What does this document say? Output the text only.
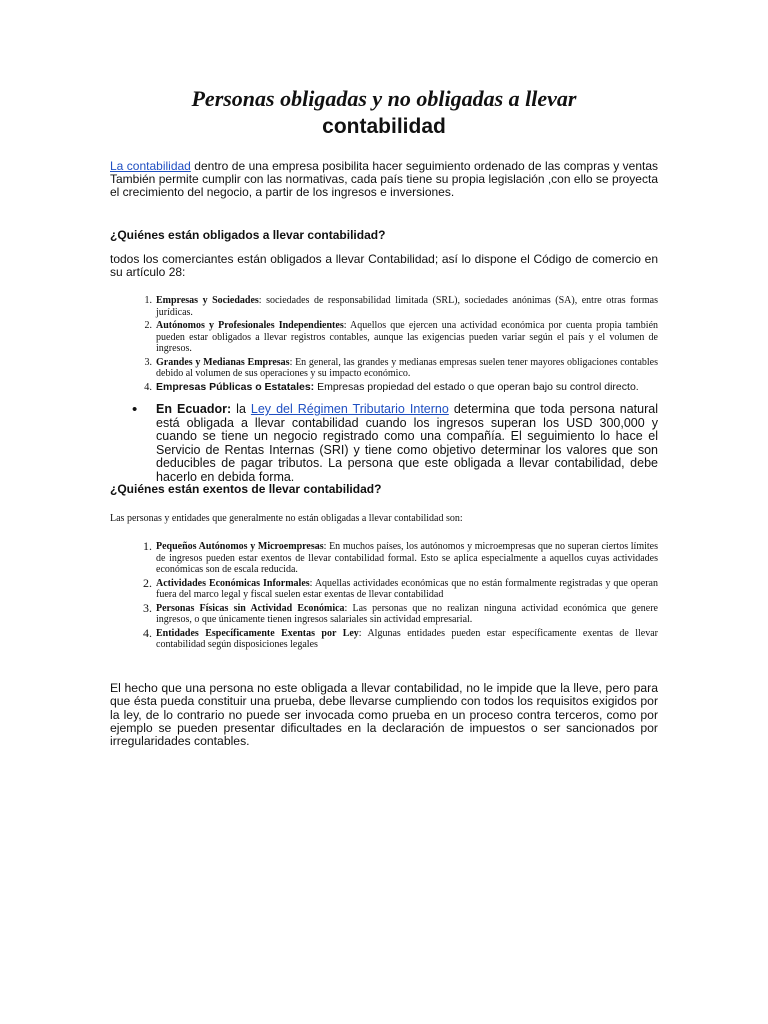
Personas obligadas y no obligadas a llevar
contabilidad
La contabilidad dentro de una empresa posibilita hacer seguimiento ordenado de las compras y ventas También permite cumplir con las normativas, cada país tiene su propia legislación ,con ello se proyecta el crecimiento del negocio, a partir de los ingresos e inversiones.
¿Quiénes están obligados a llevar contabilidad?
todos los comerciantes están obligados a llevar Contabilidad; así lo dispone el Código de comercio en su artículo 28:
1. Empresas y Sociedades: sociedades de responsabilidad limitada (SRL), sociedades anónimas (SA), entre otras formas jurídicas.
2. Autónomos y Profesionales Independientes: Aquellos que ejercen una actividad económica por cuenta propia también pueden estar obligados a llevar registros contables, aunque las exigencias pueden variar según el país y el volumen de ingresos.
3. Grandes y Medianas Empresas: En general, las grandes y medianas empresas suelen tener mayores obligaciones contables debido al volumen de sus operaciones y su impacto económico.
4. Empresas Públicas o Estatales: Empresas propiedad del estado o que operan bajo su control directo.
• En Ecuador: la Ley del Régimen Tributario Interno determina que toda persona natural está obligada a llevar contabilidad cuando los ingresos superan los USD 300,000 y cuando se tiene un negocio registrado como una compañía. El seguimiento lo hace el Servicio de Rentas Internas (SRI) y tiene como objetivo determinar los valores que son deducibles de pagar tributos. La persona que este obligada a llevar contabilidad, debe hacerlo en debida forma.
¿Quiénes están exentos de llevar contabilidad?
Las personas y entidades que generalmente no están obligadas a llevar contabilidad son:
1. Pequeños Autónomos y Microempresas: En muchos países, los autónomos y microempresas que no superan ciertos límites de ingresos pueden estar exentos de llevar contabilidad formal. Esto se aplica especialmente a aquellos cuyas actividades económicas son de escala reducida.
2. Actividades Económicas Informales: Aquellas actividades económicas que no están formalmente registradas y que operan fuera del marco legal y fiscal suelen estar exentas de llevar contabilidad
3. Personas Físicas sin Actividad Económica: Las personas que no realizan ninguna actividad económica que genere ingresos, o que únicamente tienen ingresos salariales sin actividad empresarial.
4. Entidades Específicamente Exentas por Ley: Algunas entidades pueden estar específicamente exentas de llevar contabilidad según disposiciones legales
El hecho que una persona no este obligada a llevar contabilidad, no le impide que la lleve, pero para que ésta pueda constituir una prueba, debe llevarse cumpliendo con todos los requisitos exigidos por la ley, de lo contrario no puede ser invocada como prueba en un proceso contra terceros, como por ejemplo se pueden presentar dificultades en la declaración de impuestos o ser sancionados por irregularidades contables.
